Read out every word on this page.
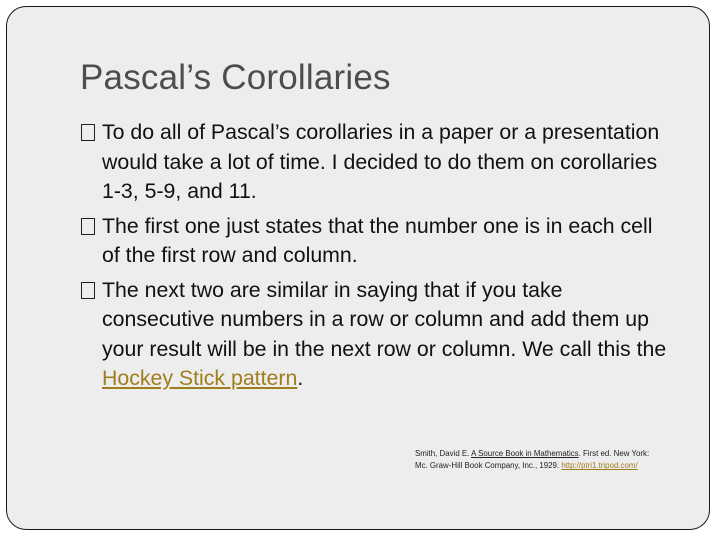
Pascal’s Corollaries
To do all of Pascal’s corollaries in a paper or a presentation would take a lot of time. I decided to do them on corollaries 1-3, 5-9, and 11.
The first one just states that the number one is in each cell of the first row and column.
The next two are similar in saying that if you take consecutive numbers in a row or column and add them up your result will be in the next row or column. We call this the Hockey Stick pattern.
Smith, David E. A Source Book in Mathematics. First ed. New York: Mc. Graw-Hill Book Company, Inc., 1929. http://ptri1.tripod.com/
